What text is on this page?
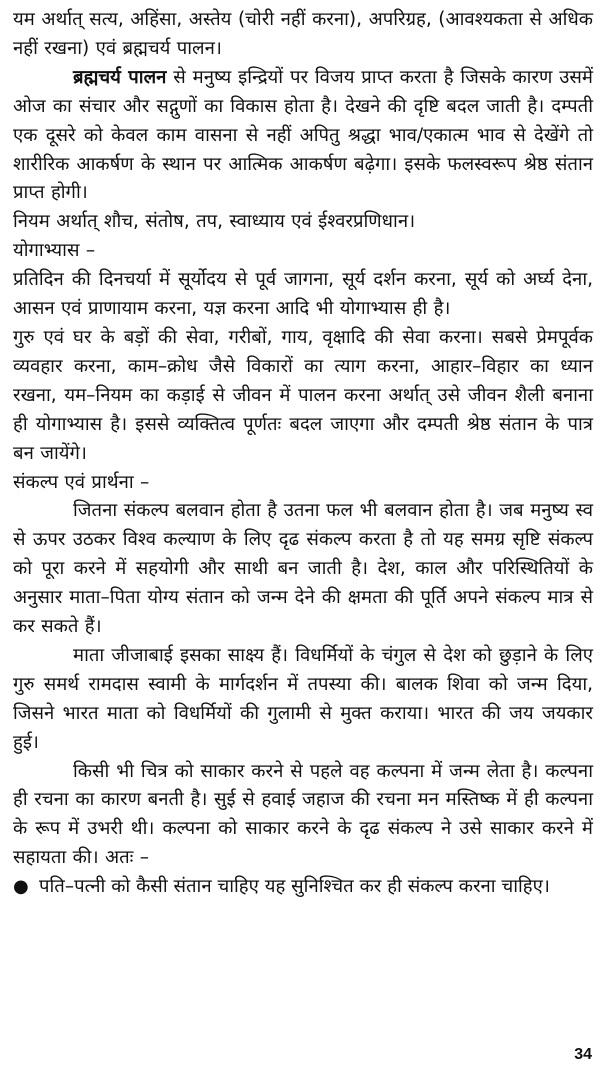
यम अर्थात् सत्य, अहिंसा, अस्तेय (चोरी नहीं करना), अपरिग्रह, (आवश्यकता से अधिक नहीं रखना) एवं ब्रह्मचर्य पालन।

ब्रह्मचर्य पालन से मनुष्य इन्द्रियों पर विजय प्राप्त करता है जिसके कारण उसमें ओज का संचार और सद्गुणों का विकास होता है। देखने की दृष्टि बदल जाती है। दम्पती एक दूसरे को केवल काम वासना से नहीं अपितु श्रद्धा भाव/एकात्म भाव से देखेंगे तो शारीरिक आकर्षण के स्थान पर आत्मिक आकर्षण बढ़ेगा। इसके फलस्वरूप श्रेष्ठ संतान प्राप्त होगी।

नियम अर्थात् शौच, संतोष, तप, स्वाध्याय एवं ईश्वरप्रणिधान।

योगाभ्यास –

प्रतिदिन की दिनचर्या में सूर्योदय से पूर्व जागना, सूर्य दर्शन करना, सूर्य को अर्घ्य देना, आसन एवं प्राणायाम करना, यज्ञ करना आदि भी योगाभ्यास ही है।

गुरु एवं घर के बड़ों की सेवा, गरीबों, गाय, वृक्षादि की सेवा करना। सबसे प्रेमपूर्वक व्यवहार करना, काम–क्रोध जैसे विकारों का त्याग करना, आहार–विहार का ध्यान रखना, यम–नियम का कड़ाई से जीवन में पालन करना अर्थात् उसे जीवन शैली बनाना ही योगाभ्यास है। इससे व्यक्तित्व पूर्णतः बदल जाएगा और दम्पती श्रेष्ठ संतान के पात्र बन जायेंगे।

संकल्प एवं प्रार्थना –

जितना संकल्प बलवान होता है उतना फल भी बलवान होता है। जब मनुष्य स्व से ऊपर उठकर विश्व कल्याण के लिए दृढ संकल्प करता है तो यह समग्र सृष्टि संकल्प को पूरा करने में सहयोगी और साथी बन जाती है। देश, काल और परिस्थितियों के अनुसार माता–पिता योग्य संतान को जन्म देने की क्षमता की पूर्ति अपने संकल्प मात्र से कर सकते हैं।

माता जीजाबाई इसका साक्ष्य हैं। विधर्मियों के चंगुल से देश को छुड़ाने के लिए गुरु समर्थ रामदास स्वामी के मार्गदर्शन में तपस्या की। बालक शिवा को जन्म दिया, जिसने भारत माता को विधर्मियों की गुलामी से मुक्त कराया। भारत की जय जयकार हुई।

किसी भी चित्र को साकार करने से पहले वह कल्पना में जन्म लेता है। कल्पना ही रचना का कारण बनती है। सुई से हवाई जहाज की रचना मन मस्तिष्क में ही कल्पना के रूप में उभरी थी। कल्पना को साकार करने के दृढ संकल्प ने उसे साकार करने में सहायता की। अतः –

● पति–पत्नी को कैसी संतान चाहिए यह सुनिश्चित कर ही संकल्प करना चाहिए।
34
